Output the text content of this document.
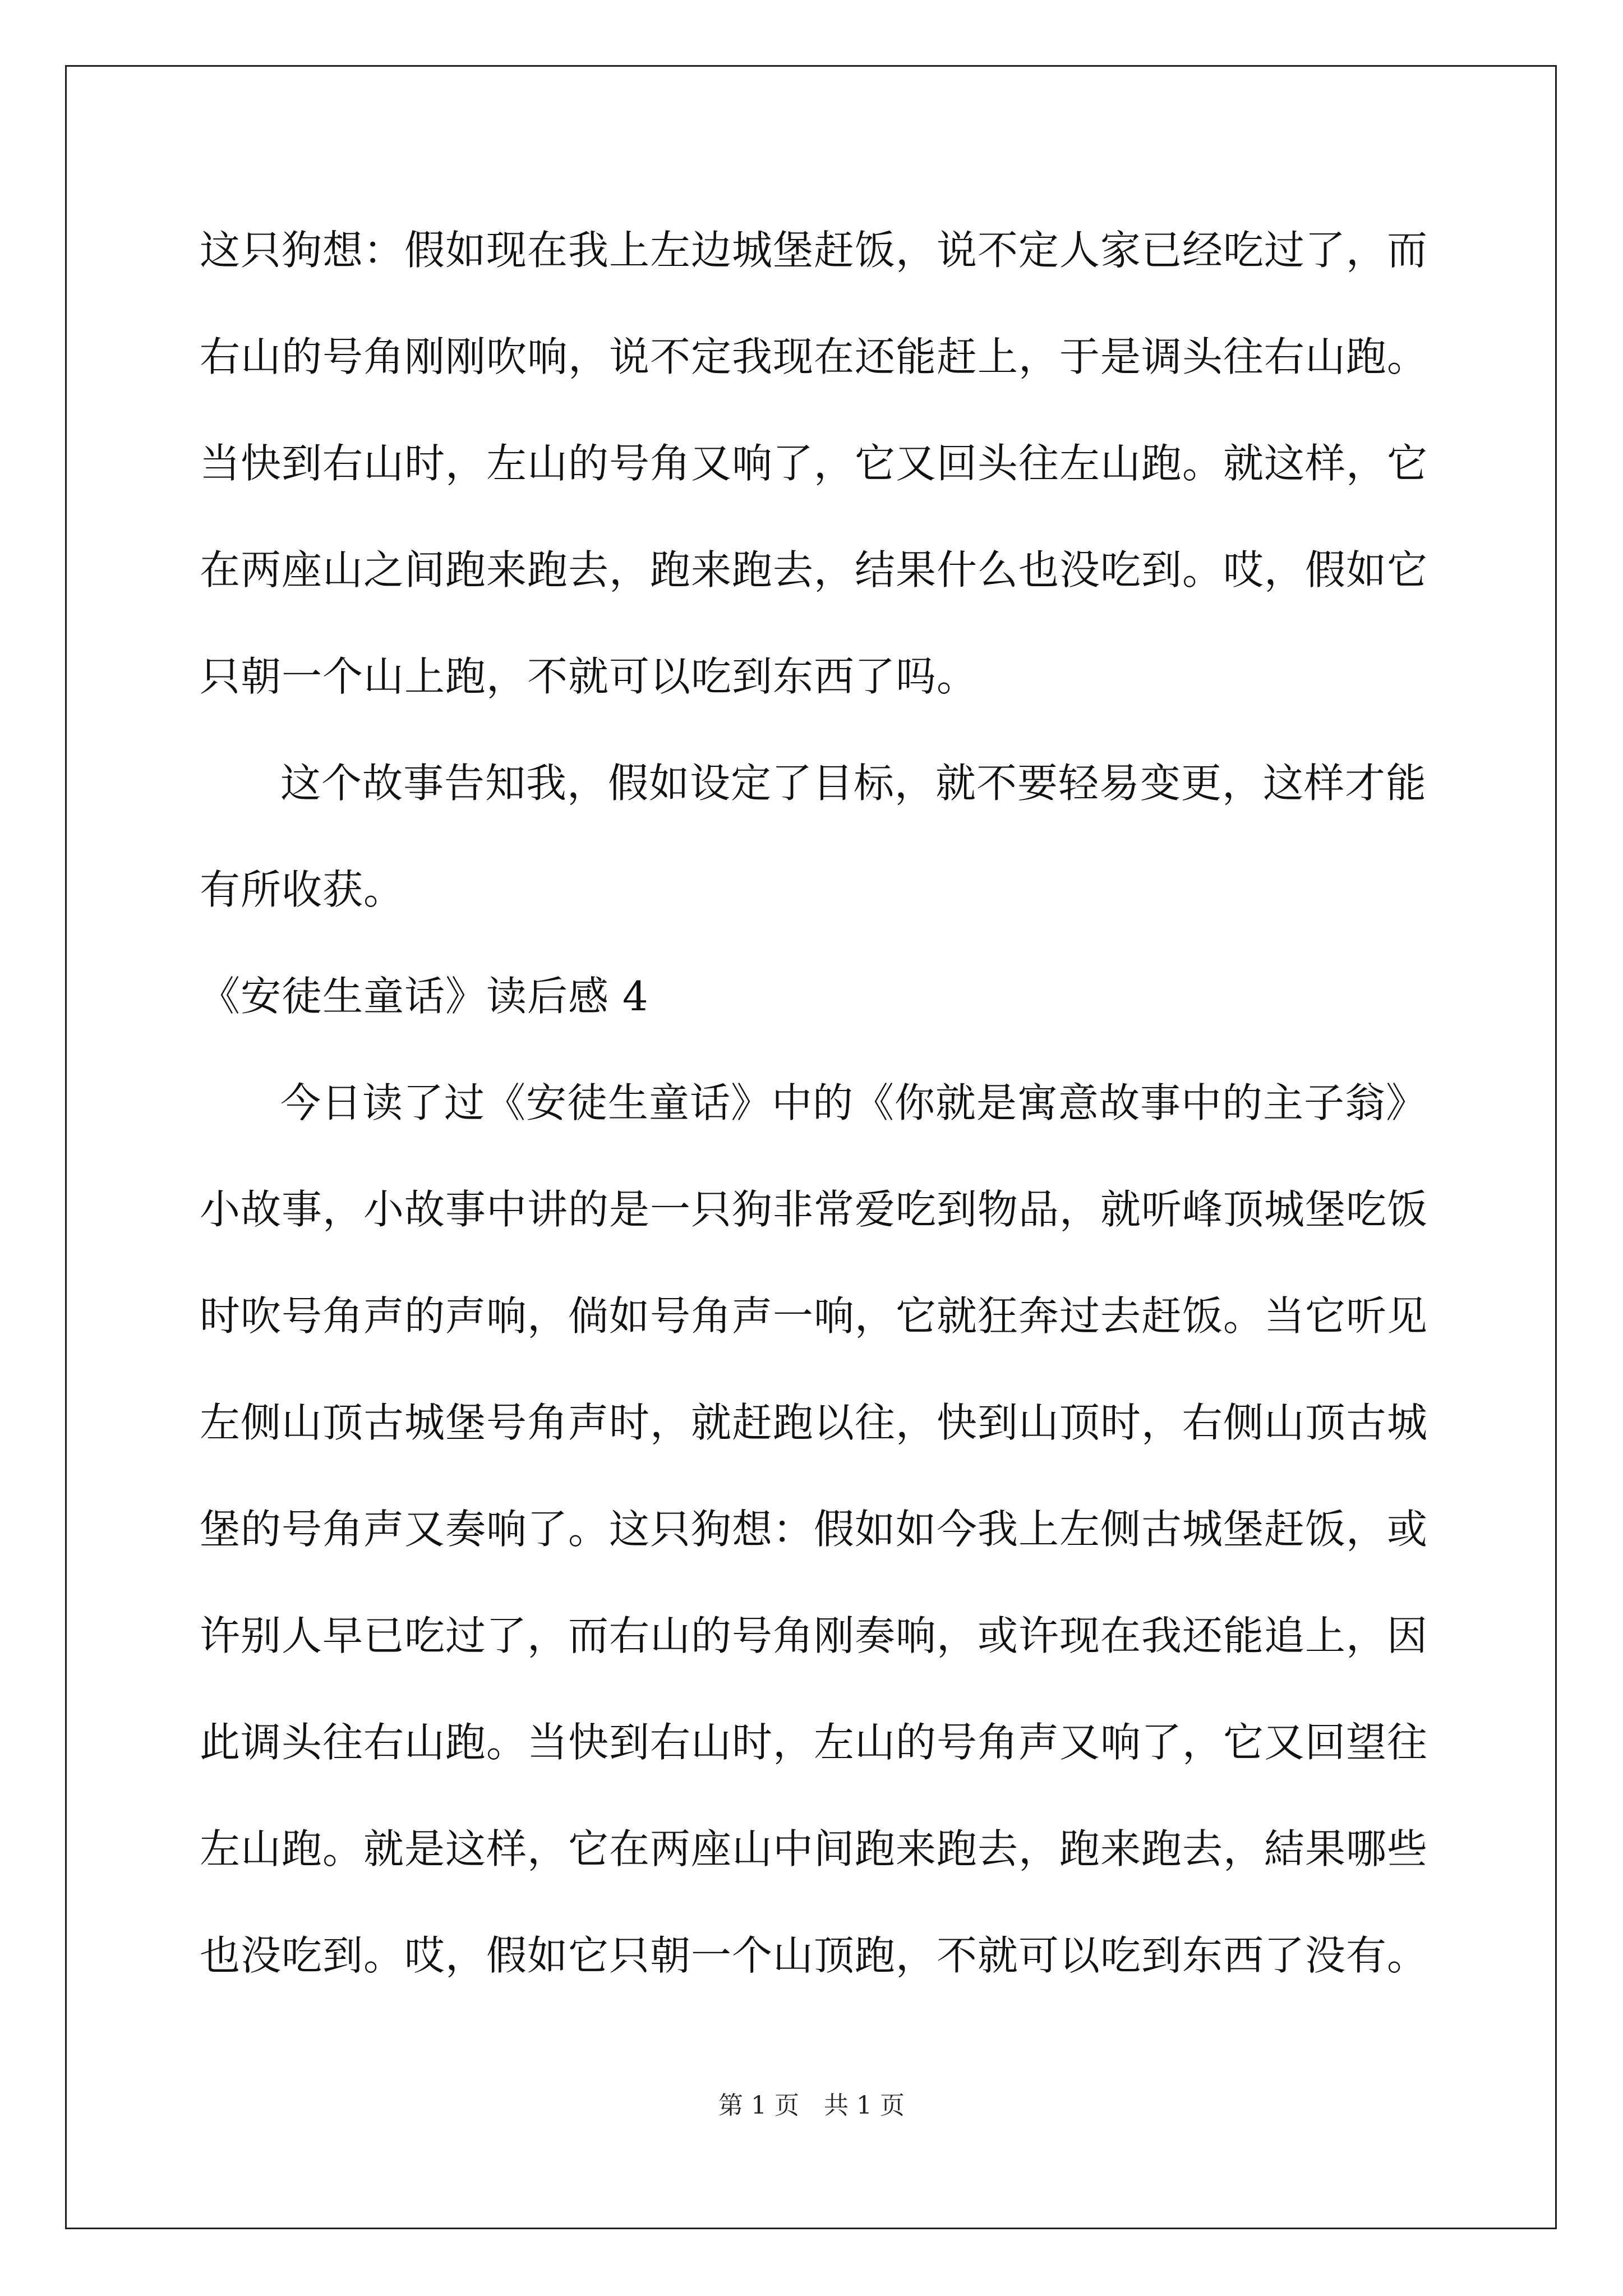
这只狗想：假如现在我上左边城堡赶饭，说不定人家已经吃过了，而
右山的号角刚刚吹响，说不定我现在还能赶上，于是调头往右山跑。
当快到右山时，左山的号角又响了，它又回头往左山跑。就这样，它
在两座山之间跑来跑去，跑来跑去，结果什么也没吃到。哎，假如它
只朝一个山上跑，不就可以吃到东西了吗。
这个故事告知我，假如设定了目标，就不要轻易变更，这样才能
有所收获。
《安徒生童话》读后感 4
今日读了过《安徒生童话》中的《你就是寓意故事中的主子翁》
小故事，小故事中讲的是一只狗非常爱吃到物品，就听峰顶城堡吃饭
时吹号角声的声响，倘如号角声一响，它就狂奔过去赶饭。当它听见
左侧山顶古城堡号角声时，就赶跑以往，快到山顶时，右侧山顶古城
堡的号角声又奏响了。这只狗想：假如如今我上左侧古城堡赶饭，或
许别人早已吃过了，而右山的号角刚奏响，或许现在我还能追上，因
此调头往右山跑。当快到右山时，左山的号角声又响了，它又回望往
左山跑。就是这样，它在两座山中间跑来跑去，跑来跑去，結果哪些
也没吃到。哎，假如它只朝一个山顶跑，不就可以吃到东西了没有。
第 1 页　共 1 页
